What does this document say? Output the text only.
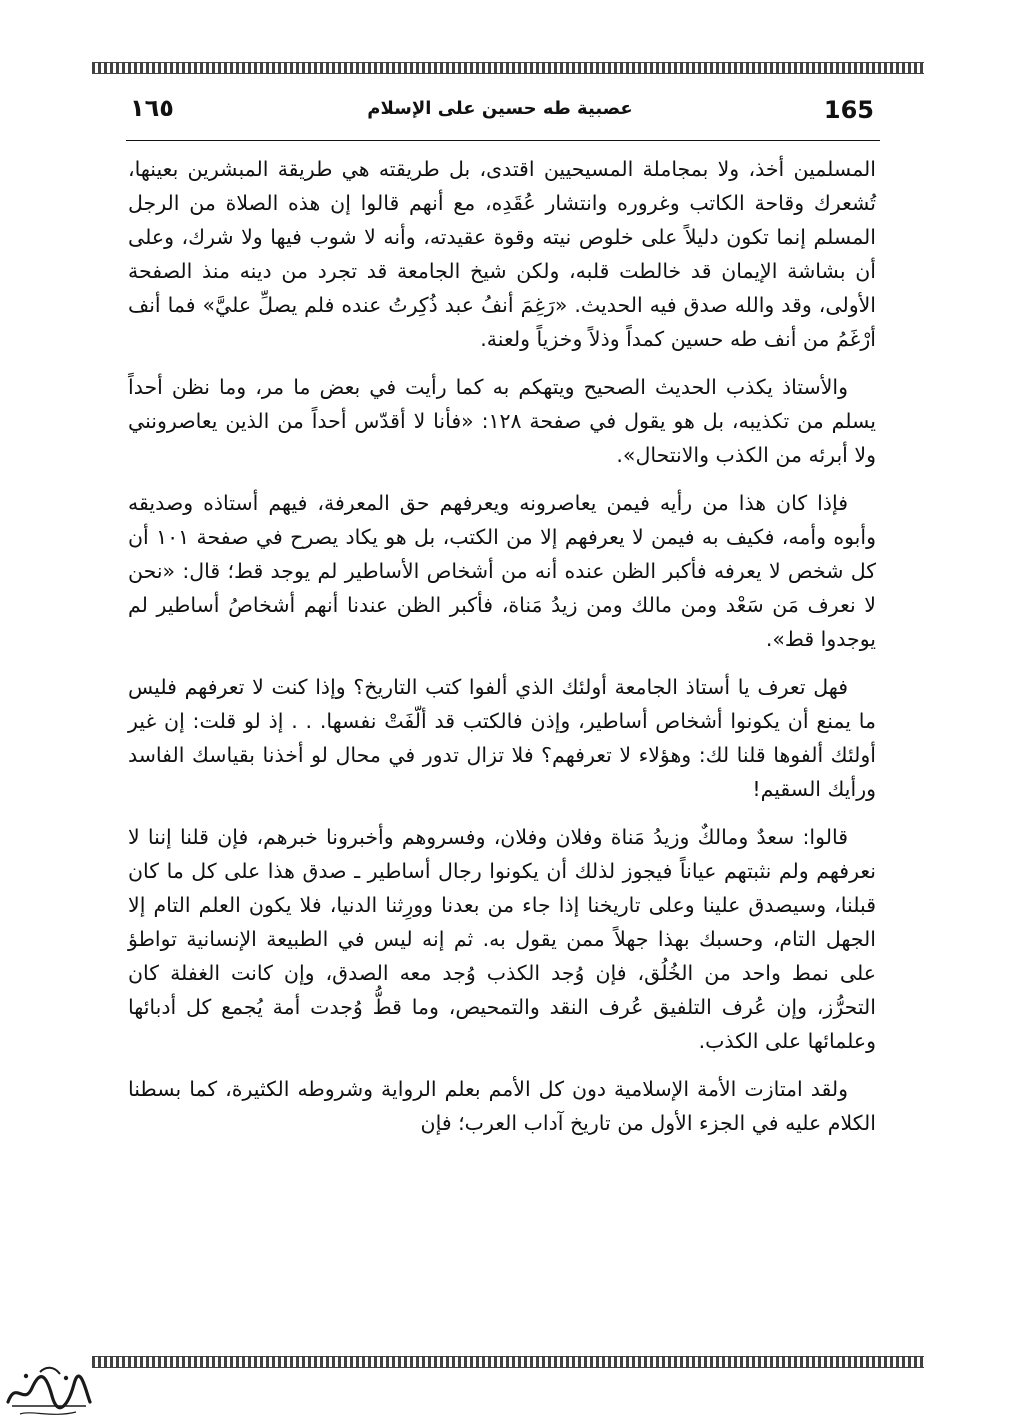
١٦٥	عصبية طه حسين على الإسلام	165

المسلمين أخذ، ولا بمجاملة المسيحيين اقتدى، بل طريقته هي طريقة المبشرين بعينها، تُشعرك وقاحة الكاتب وغروره وانتشار عُقَدِه، مع أنهم قالوا إن هذه الصلاة من الرجل المسلم إنما تكون دليلاً على خلوص نيته وقوة عقيدته، وأنه لا شوب فيها ولا شرك، وعلى أن بشاشة الإيمان قد خالطت قلبه، ولكن شيخ الجامعة قد تجرد من دينه منذ الصفحة الأولى، وقد والله صدق فيه الحديث. «رَغِمَ أنفُ عبد ذُكِرتُ عنده فلم يصلِّ عليَّ» فما أنف أرْغَمُ من أنف طه حسين كمداً وذلاً وخزياً ولعنة.

والأستاذ يكذب الحديث الصحيح ويتهكم به كما رأيت في بعض ما مر، وما نظن أحداً يسلم من تكذيبه، بل هو يقول في صفحة ١٢٨: «فأنا لا أقدّس أحداً من الذين يعاصرونني ولا أبرئه من الكذب والانتحال».

فإذا كان هذا من رأيه فيمن يعاصرونه ويعرفهم حق المعرفة، فيهم أستاذه وصديقه وأبوه وأمه، فكيف به فيمن لا يعرفهم إلا من الكتب، بل هو يكاد يصرح في صفحة ١٠١ أن كل شخص لا يعرفه فأكبر الظن عنده أنه من أشخاص الأساطير لم يوجد قط؛ قال: «نحن لا نعرف مَن سَعْد ومن مالك ومن زيدُ مَناة، فأكبر الظن عندنا أنهم أشخاصُ أساطير لم يوجدوا قط».

فهل تعرف يا أستاذ الجامعة أولئك الذي ألفوا كتب التاريخ؟ وإذا كنت لا تعرفهم فليس ما يمنع أن يكونوا أشخاص أساطير، وإذن فالكتب قد ألّفَتْ نفسها. . . إذ لو قلت: إن غير أولئك ألفوها قلنا لك: وهؤلاء لا تعرفهم؟ فلا تزال تدور في محال لو أخذنا بقياسك الفاسد ورأيك السقيم!

قالوا: سعدٌ ومالكٌ وزيدُ مَناة وفلان وفلان، وفسروهم وأخبرونا خبرهم، فإن قلنا إننا لا نعرفهم ولم نثبتهم عياناً فيجوز لذلك أن يكونوا رجال أساطير ـ صدق هذا على كل ما كان قبلنا، وسيصدق علينا وعلى تاريخنا إذا جاء من بعدنا وورِثنا الدنيا، فلا يكون العلم التام إلا الجهل التام، وحسبك بهذا جهلاً ممن يقول به. ثم إنه ليس في الطبيعة الإنسانية تواطؤ على نمط واحد من الخُلُق، فإن وُجد الكذب وُجد معه الصدق، وإن كانت الغفلة كان التحرُّز، وإن عُرف التلفيق عُرف النقد والتمحيص، وما قطُّ وُجدت أمة يُجمع كل أدبائها وعلمائها على الكذب.

ولقد امتازت الأمة الإسلامية دون كل الأمم بعلم الرواية وشروطه الكثيرة، كما بسطنا الكلام عليه في الجزء الأول من تاريخ آداب العرب؛ فإن
